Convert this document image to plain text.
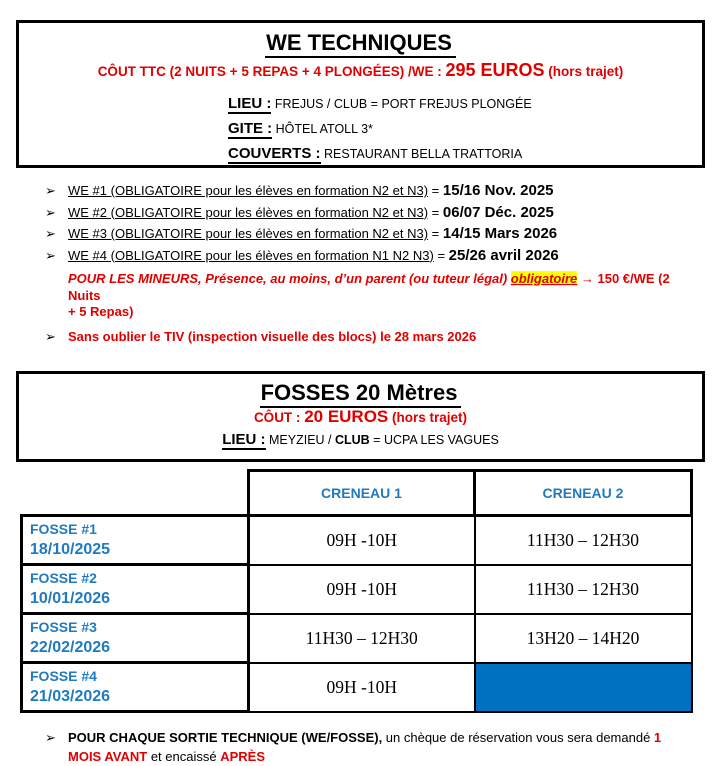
WE TECHNIQUES
CÔUT TTC (2 NUITS + 5 REPAS + 4 PLONGÉES) /WE : 295 EUROS (hors trajet)
LIEU : FREJUS / CLUB = PORT FREJUS PLONGÉE
GITE : HÔTEL ATOLL 3*
COUVERTS : RESTAURANT BELLA TRATTORIA
➢ WE #1 (OBLIGATOIRE pour les élèves en formation N2 et N3) = 15/16 Nov. 2025
➢ WE #2 (OBLIGATOIRE pour les élèves en formation N2 et N3) = 06/07 Déc. 2025
➢ WE #3 (OBLIGATOIRE pour les élèves en formation N2 et N3) = 14/15 Mars 2026
➢ WE #4 (OBLIGATOIRE pour les élèves en formation N1 N2 N3) = 25/26 avril 2026
POUR LES MINEURS, Présence, au moins, d’un parent (ou tuteur légal) obligatoire → 150 €/WE (2 Nuits
+ 5 Repas)
➢ Sans oublier le TIV (inspection visuelle des blocs) le 28 mars 2026
FOSSES 20 Mètres
CÔUT : 20 EUROS (hors trajet)
LIEU : MEYZIEU / CLUB = UCPA LES VAGUES
	CRENEAU 1	CRENEAU 2

FOSSE #1
18/10/2025	09H -10H	11H30 – 12H30

FOSSE #2
10/01/2026	09H -10H	11H30 – 12H30

FOSSE #3
22/02/2026	11H30 – 12H30	13H20 – 14H20

FOSSE #4
21/03/2026	09H -10H	
➢ POUR CHAQUE SORTIE TECHNIQUE (WE/FOSSE), un chèque de réservation vous sera demandé 1 MOIS AVANT et encaissé APRÈS
